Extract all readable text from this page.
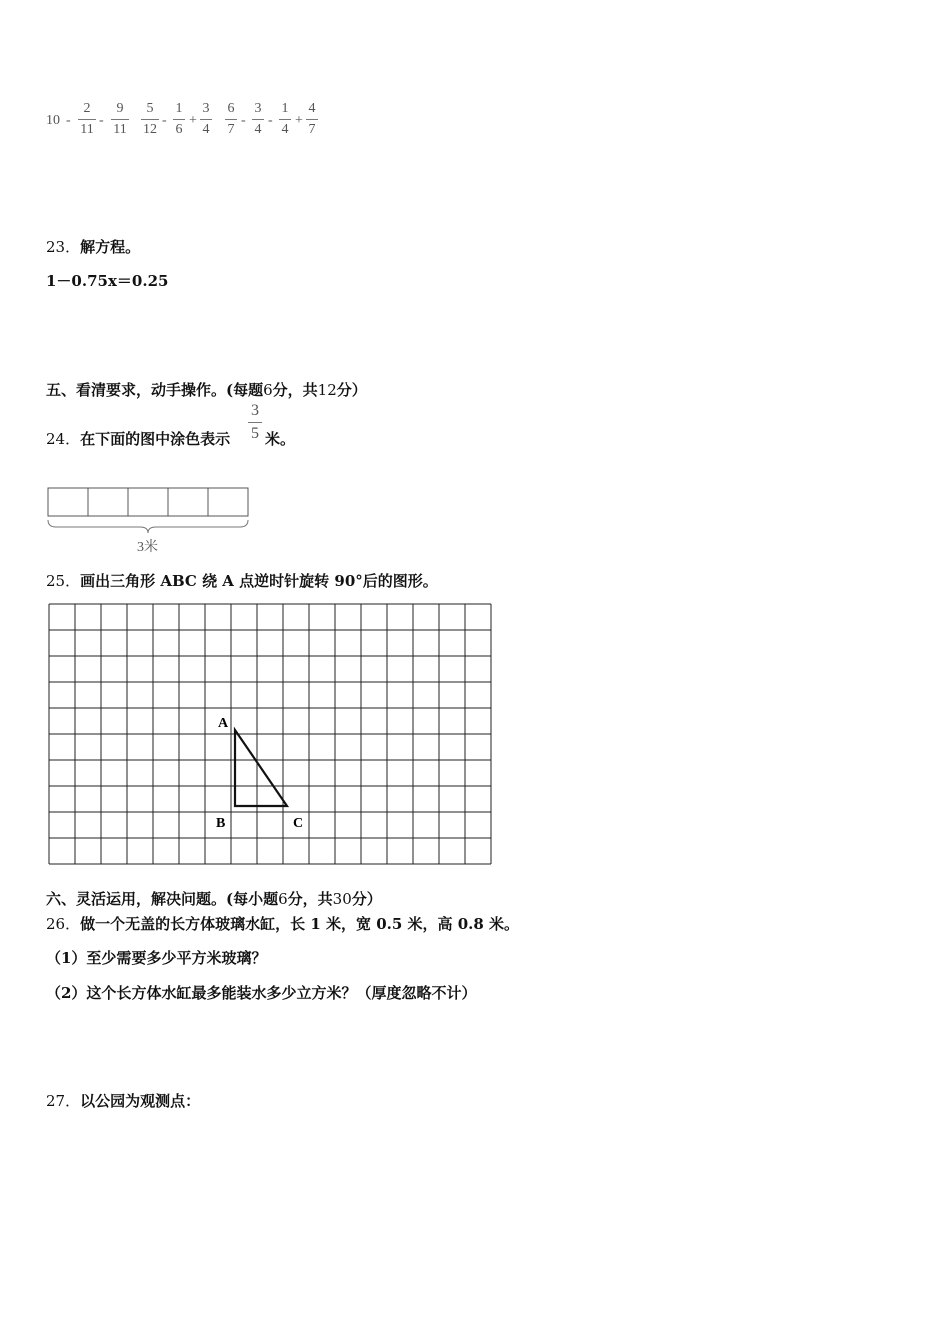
10 -
2
11
-
9
11
5
12
-
1
6
+
3
4
6
7
-
3
4
-
1
4
+
4
7
23．解方程。
1－0.75x＝0.25
五、看清要求，动手操作。(每题6分，共12分）
24．在下面的图中涂色表示
3
5 米。
3米
25．画出三角形 ABC 绕 A 点逆时针旋转 90°后的图形。
A
B	C
六、灵活运用，解决问题。(每小题6分，共30分）
26．做一个无盖的长方体玻璃水缸，长 1 米，宽 0.5 米，高 0.8 米。
（1）至少需要多少平方米玻璃？
（2）这个长方体水缸最多能装水多少立方米？（厚度忽略不计）
27．以公园为观测点：
